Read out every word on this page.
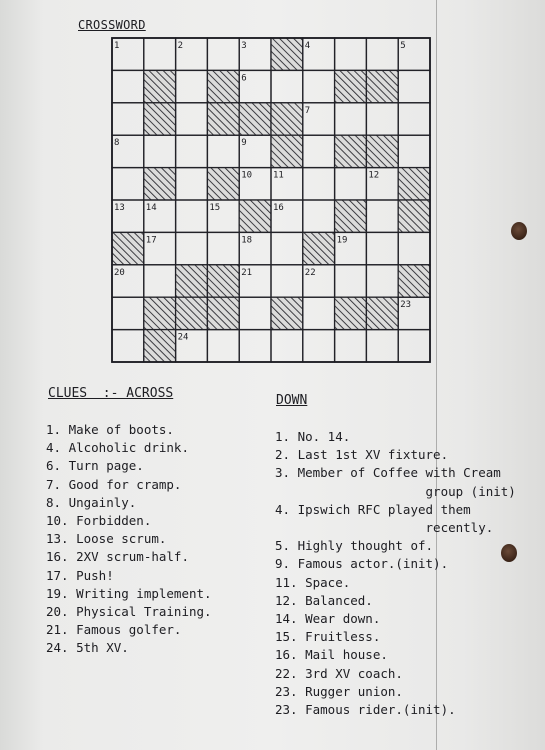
CROSSWORD
1	2	3	4	5
6
7
8	9
10 11	12
13 14	15	16
17	18	19
20	21	22
23
24
CLUES  :- ACROSS	DOWN
1. Make of boots.
4. Alcoholic drink.
6. Turn page.
7. Good for cramp.
8. Ungainly.
10. Forbidden.
13. Loose scrum.
16. 2XV scrum-half.
17. Push!
19. Writing implement.
20. Physical Training.
21. Famous golfer.
24. 5th XV.
1. No. 14.
2. Last 1st XV fixture.
3. Member of Coffee with Cream
group (init)
4. Ipswich RFC played them
recently.
5. Highly thought of.
9. Famous actor.(init).
11. Space.
12. Balanced.
14. Wear down.
15. Fruitless.
16. Mail house.
22. 3rd XV coach.
23. Rugger union.
23. Famous rider.(init).
